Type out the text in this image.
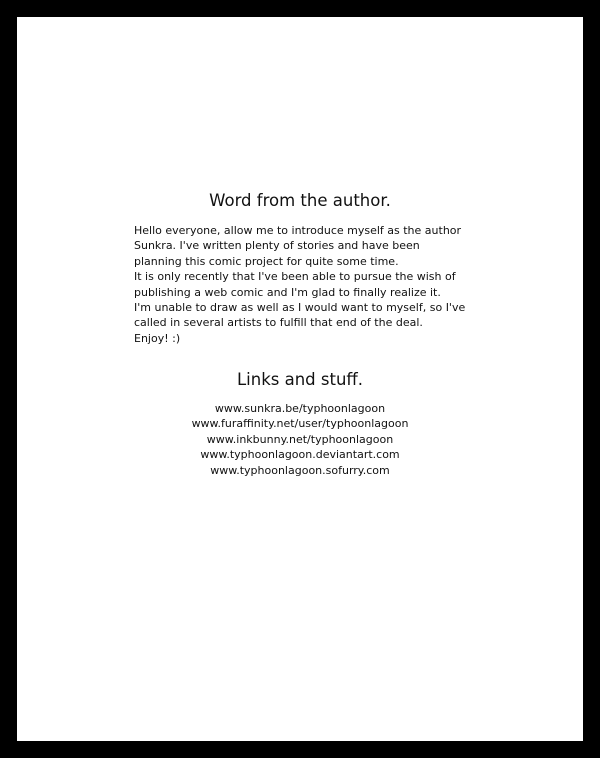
Word from the author.
Hello everyone, allow me to introduce myself as the author
Sunkra. I've written plenty of stories and have been
planning this comic project for quite some time.
It is only recently that I've been able to pursue the wish of
publishing a web comic and I'm glad to finally realize it.
I'm unable to draw as well as I would want to myself, so I've
called in several artists to fulfill that end of the deal.
Enjoy! :)
Links and stuff.
www.sunkra.be/typhoonlagoon
www.furaffinity.net/user/typhoonlagoon
www.inkbunny.net/typhoonlagoon
www.typhoonlagoon.deviantart.com
www.typhoonlagoon.sofurry.com
